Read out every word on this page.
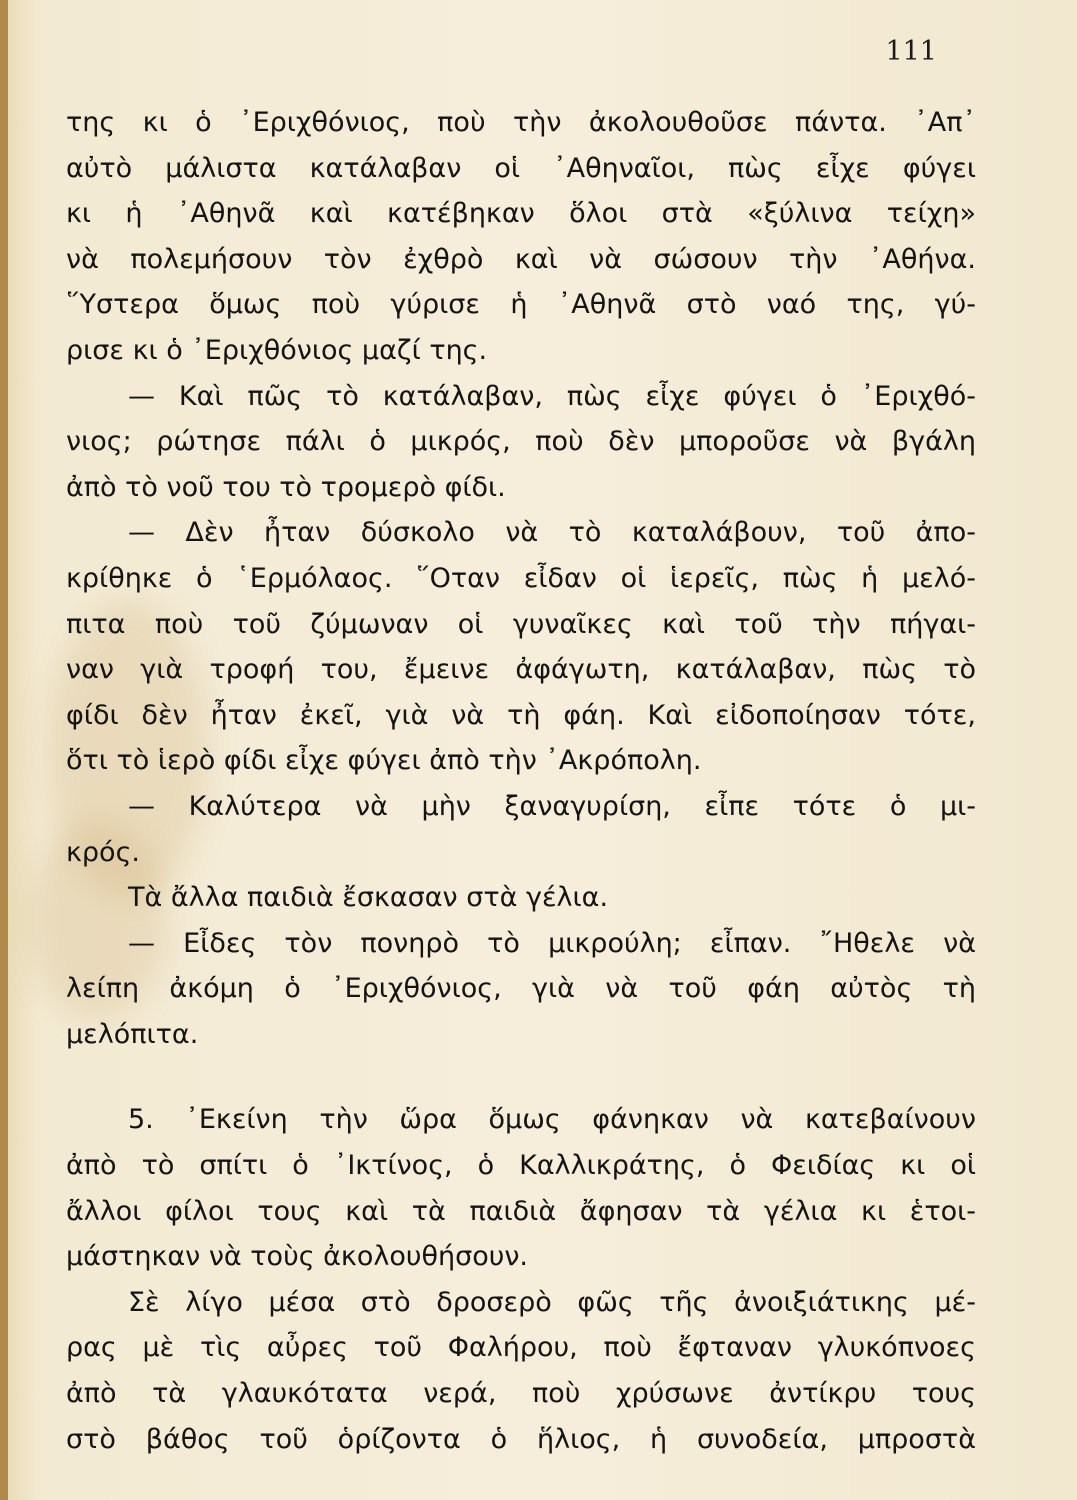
111
της κι ὁ ᾿Εριχθόνιος, ποὺ τὴν ἀκολουθοῦσε πάντα. ᾿Απ᾿
αὐτὸ μάλιστα κατάλαβαν οἱ ᾿Αθηναῖοι, πὼς εἶχε φύγει
κι ἡ ᾿Αθηνᾶ καὶ κατέβηκαν ὅλοι στὰ «ξύλινα τείχη»
νὰ πολεμήσουν τὸν ἐχθρὸ καὶ νὰ σώσουν τὴν ᾿Αθήνα.
῞Υστερα ὅμως ποὺ γύρισε ἡ ᾿Αθηνᾶ στὸ ναό της, γύ-
ρισε κι ὁ ᾿Εριχθόνιος μαζί της.
— Καὶ πῶς τὸ κατάλαβαν, πὼς εἶχε φύγει ὁ ᾿Εριχθό-
νιος; ρώτησε πάλι ὁ μικρός, ποὺ δὲν μποροῦσε νὰ βγάλη
ἀπὸ τὸ νοῦ του τὸ τρομερὸ φίδι.
— Δὲν ἦταν δύσκολο νὰ τὸ καταλάβουν, τοῦ ἀπο-
κρίθηκε ὁ ῾Ερμόλαος. ῞Οταν εἶδαν οἱ ἱερεῖς, πὼς ἡ μελό-
πιτα ποὺ τοῦ ζύμωναν οἱ γυναῖκες καὶ τοῦ τὴν πήγαι-
ναν γιὰ τροφή του, ἔμεινε ἀφάγωτη, κατάλαβαν, πὼς τὸ
φίδι δὲν ἦταν ἐκεῖ, γιὰ νὰ τὴ φάη. Καὶ εἰδοποίησαν τότε,
ὅτι τὸ ἱερὸ φίδι εἶχε φύγει ἀπὸ τὴν ᾿Ακρόπολη.
— Καλύτερα νὰ μὴν ξαναγυρίση, εἶπε τότε ὁ μι-
κρός.
Τὰ ἄλλα παιδιὰ ἔσκασαν στὰ γέλια.
— Εἶδες τὸν πονηρὸ τὸ μικρούλη; εἶπαν. ῎Ηθελε νὰ
λείπη ἀκόμη ὁ ᾿Εριχθόνιος, γιὰ νὰ τοῦ φάη αὐτὸς τὴ
μελόπιτα.
5. ᾿Εκείνη τὴν ὥρα ὅμως φάνηκαν νὰ κατεβαίνουν
ἀπὸ τὸ σπίτι ὁ ᾿Ικτίνος, ὁ Καλλικράτης, ὁ Φειδίας κι οἱ
ἄλλοι φίλοι τους καὶ τὰ παιδιὰ ἄφησαν τὰ γέλια κι ἑτοι-
μάστηκαν νὰ τοὺς ἀκολουθήσουν.
Σὲ λίγο μέσα στὸ δροσερὸ φῶς τῆς ἀνοιξιάτικης μέ-
ρας μὲ τὶς αὖρες τοῦ Φαλήρου, ποὺ ἔφταναν γλυκόπνοες
ἀπὸ τὰ γλαυκότατα νερά, ποὺ χρύσωνε ἀντίκρυ τους
στὸ βάθος τοῦ ὁρίζοντα ὁ ἥλιος, ἡ συνοδεία, μπροστὰ
